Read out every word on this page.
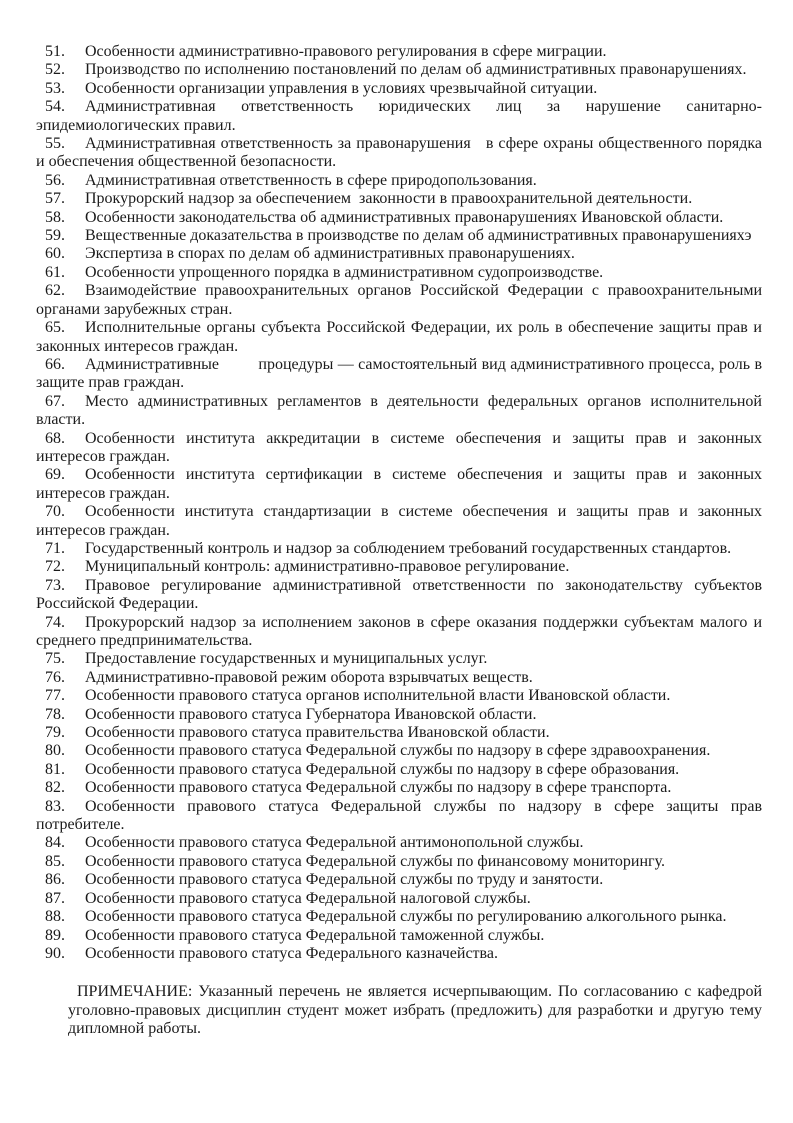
51. Особенности административно-правового регулирования в сфере миграции.

52. Производство по исполнению постановлений по делам об административных правонарушениях.

53. Особенности организации управления в условиях чрезвычайной ситуации.

54. Административная ответственность юридических лиц за нарушение санитарно-эпидемиологических правил.

55. Административная ответственность за правонарушения   в сфере охраны общественного порядка и обеспечения общественной безопасности.

56. Административная ответственность в сфере природопользования.

57. Прокурорский надзор за обеспечением  законности в правоохранительной деятельности.

58. Особенности законодательства об административных правонарушениях Ивановской области.

59. Вещественные доказательства в производстве по делам об административных правонарушенияхэ

60. Экспертиза в спорах по делам об административных правонарушениях.

61. Особенности упрощенного порядка в административном судопроизводстве.

62. Взаимодействие правоохранительных органов Российской Федерации с правоохранительными органами зарубежных стран.

65. Исполнительные органы субъекта Российской Федерации, их роль в обеспечение защиты прав и законных интересов граждан.

66. Административные         процедуры — самостоятельный вид административного процесса, роль в защите прав граждан.

67. Место административных регламентов в деятельности федеральных органов исполнительной власти.

68. Особенности института аккредитации в системе обеспечения и защиты прав и законных интересов граждан.

69. Особенности института сертификации в системе обеспечения и защиты прав и законных интересов граждан.

70. Особенности института стандартизации в системе обеспечения и защиты прав и законных интересов граждан.

71. Государственный контроль и надзор за соблюдением требований государственных стандартов.

72. Муниципальный контроль: административно-правовое регулирование.

73. Правовое регулирование административной ответственности по законодательству субъектов Российской Федерации.

74. Прокурорский надзор за исполнением законов в сфере оказания поддержки субъектам малого и среднего предпринимательства.

75. Предоставление государственных и муниципальных услуг.

76. Административно-правовой режим оборота взрывчатых веществ.

77. Особенности правового статуса органов исполнительной власти Ивановской области.

78. Особенности правового статуса Губернатора Ивановской области.

79. Особенности правового статуса правительства Ивановской области.

80. Особенности правового статуса Федеральной службы по надзору в сфере здравоохранения.

81. Особенности правового статуса Федеральной службы по надзору в сфере образования.

82. Особенности правового статуса Федеральной службы по надзору в сфере транспорта.

83. Особенности правового статуса Федеральной службы по надзору в сфере защиты прав потребителе.

84. Особенности правового статуса Федеральной антимонопольной службы.

85. Особенности правового статуса Федеральной службы по финансовому мониторингу.

86. Особенности правового статуса Федеральной службы по труду и занятости.

87. Особенности правового статуса Федеральной налоговой службы.

88. Особенности правового статуса Федеральной службы по регулированию алкогольного рынка.

89. Особенности правового статуса Федеральной таможенной службы.

90. Особенности правового статуса Федерального казначейства.

ПРИМЕЧАНИЕ: Указанный перечень не является исчерпывающим. По согласованию с кафедрой уголовно-правовых дисциплин студент может избрать (предложить) для разработки и другую тему дипломной работы.
